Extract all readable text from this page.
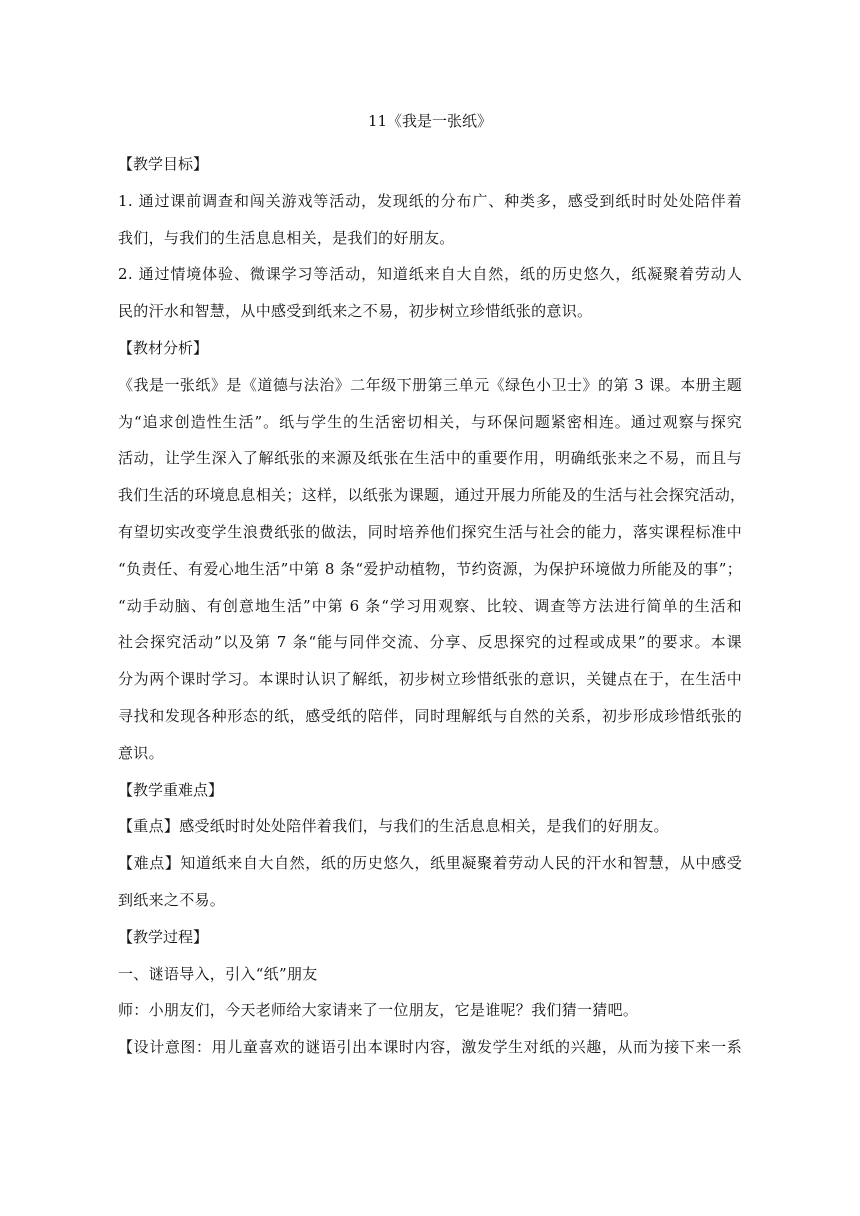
11《我是一张纸》

【教学目标】

1. 通过课前调查和闯关游戏等活动，发现纸的分布广、种类多，感受到纸时时处处陪伴着

我们，与我们的生活息息相关，是我们的好朋友。

2. 通过情境体验、微课学习等活动，知道纸来自大自然，纸的历史悠久，纸凝聚着劳动人

民的汗水和智慧，从中感受到纸来之不易，初步树立珍惜纸张的意识。

【教材分析】

《我是一张纸》是《道德与法治》二年级下册第三单元《绿色小卫士》的第 3 课。本册主题

为“追求创造性生活”。纸与学生的生活密切相关，与环保问题紧密相连。通过观察与探究

活动，让学生深入了解纸张的来源及纸张在生活中的重要作用，明确纸张来之不易，而且与

我们生活的环境息息相关；这样，以纸张为课题，通过开展力所能及的生活与社会探究活动，

有望切实改变学生浪费纸张的做法，同时培养他们探究生活与社会的能力，落实课程标准中

“负责任、有爱心地生活”中第 8 条“爱护动植物，节约资源，为保护环境做力所能及的事”；

“动手动脑、有创意地生活”中第 6 条“学习用观察、比较、调查等方法进行简单的生活和

社会探究活动”以及第 7 条“能与同伴交流、分享、反思探究的过程或成果”的要求。本课

分为两个课时学习。本课时认识了解纸，初步树立珍惜纸张的意识，关键点在于，在生活中

寻找和发现各种形态的纸，感受纸的陪伴，同时理解纸与自然的关系，初步形成珍惜纸张的

意识。

【教学重难点】

【重点】感受纸时时处处陪伴着我们，与我们的生活息息相关，是我们的好朋友。

【难点】知道纸来自大自然，纸的历史悠久，纸里凝聚着劳动人民的汗水和智慧，从中感受

到纸来之不易。

【教学过程】

一、谜语导入，引入“纸”朋友

师：小朋友们，今天老师给大家请来了一位朋友，它是谁呢？我们猜一猜吧。

【设计意图：用儿童喜欢的谜语引出本课时内容，激发学生对纸的兴趣，从而为接下来一系
